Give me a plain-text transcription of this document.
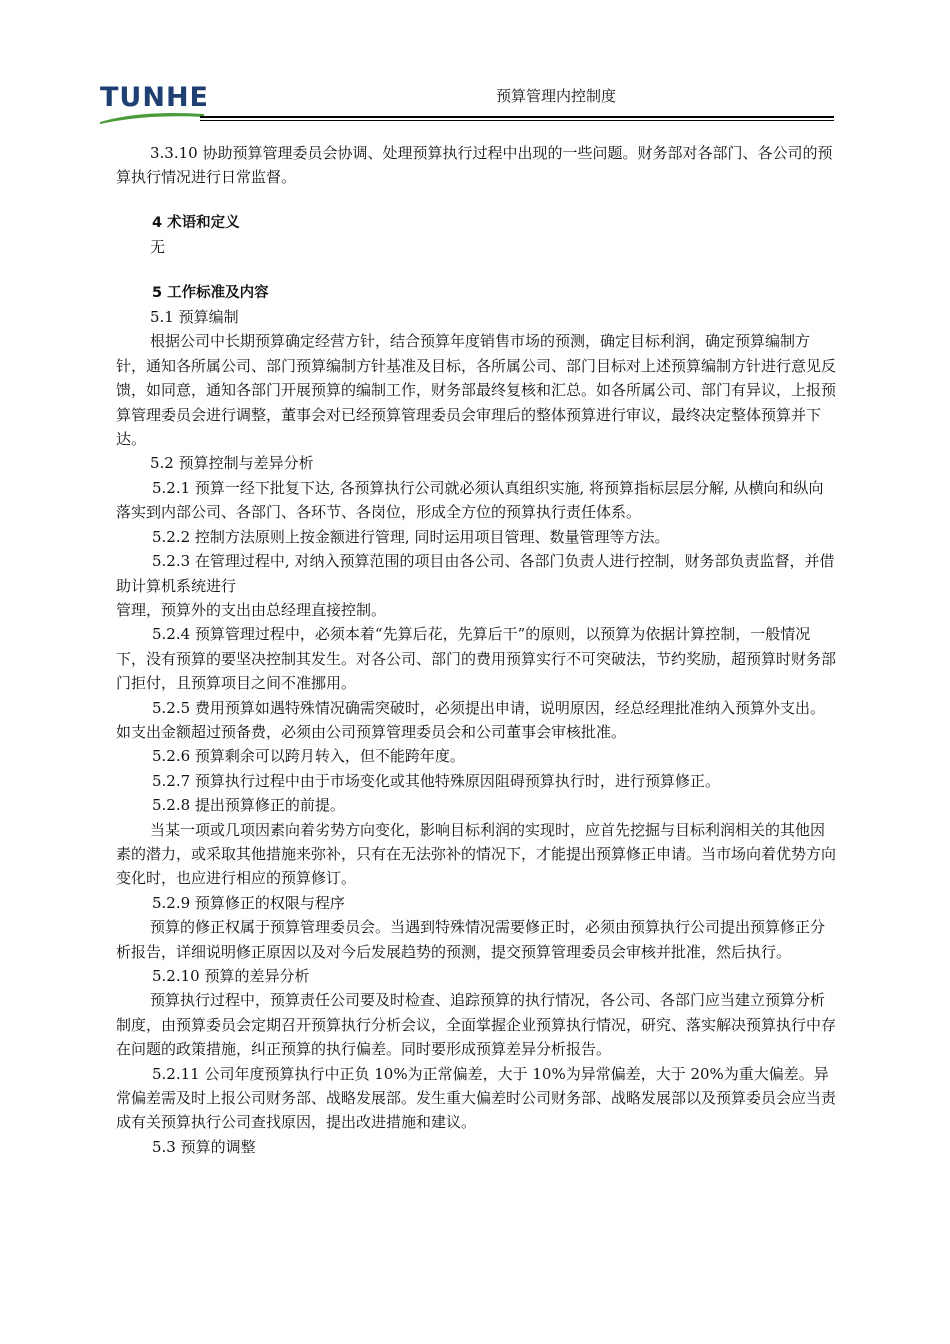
TUNHE	预算管理内控制度

3.3.10 协助预算管理委员会协调、处理预算执行过程中出现的一些问题。财务部对各部门、各公司的预算执行情况进行日常监督。

4 术语和定义

无

5 工作标准及内容

5.1 预算编制

根据公司中长期预算确定经营方针，结合预算年度销售市场的预测，确定目标利润，确定预算编制方针，通知各所属公司、部门预算编制方针基准及目标，各所属公司、部门目标对上述预算编制方针进行意见反馈，如同意，通知各部门开展预算的编制工作，财务部最终复核和汇总。如各所属公司、部门有异议，上报预算管理委员会进行调整，董事会对已经预算管理委员会审理后的整体预算进行审议，最终决定整体预算并下达。

5.2 预算控制与差异分析

5.2.1 预算一经下批复下达, 各预算执行公司就必须认真组织实施, 将预算指标层层分解, 从横向和纵向落实到内部公司、各部门、各环节、各岗位，形成全方位的预算执行责任体系。

5.2.2 控制方法原则上按金额进行管理, 同时运用项目管理、数量管理等方法。

5.2.3 在管理过程中, 对纳入预算范围的项目由各公司、各部门负责人进行控制，财务部负责监督，并借助计算机系统进行

管理，预算外的支出由总经理直接控制。

5.2.4 预算管理过程中，必须本着“先算后花，先算后干”的原则，以预算为依据计算控制，一般情况下，没有预算的要坚决控制其发生。对各公司、部门的费用预算实行不可突破法，节约奖励，超预算时财务部门拒付，且预算项目之间不准挪用。

5.2.5 费用预算如遇特殊情况确需突破时，必须提出申请，说明原因，经总经理批准纳入预算外支出。如支出金额超过预备费，必须由公司预算管理委员会和公司董事会审核批准。

5.2.6 预算剩余可以跨月转入，但不能跨年度。

5.2.7 预算执行过程中由于市场变化或其他特殊原因阻碍预算执行时，进行预算修正。

5.2.8 提出预算修正的前提。

当某一项或几项因素向着劣势方向变化，影响目标利润的实现时，应首先挖掘与目标利润相关的其他因素的潜力，或采取其他措施来弥补，只有在无法弥补的情况下，才能提出预算修正申请。当市场向着优势方向变化时，也应进行相应的预算修订。

5.2.9 预算修正的权限与程序

预算的修正权属于预算管理委员会。当遇到特殊情况需要修正时，必须由预算执行公司提出预算修正分析报告，详细说明修正原因以及对今后发展趋势的预测，提交预算管理委员会审核并批准，然后执行。

5.2.10 预算的差异分析

预算执行过程中，预算责任公司要及时检查、追踪预算的执行情况，各公司、各部门应当建立预算分析制度，由预算委员会定期召开预算执行分析会议，全面掌握企业预算执行情况，研究、落实解决预算执行中存在问题的政策措施，纠正预算的执行偏差。同时要形成预算差异分析报告。

5.2.11 公司年度预算执行中正负 10%为正常偏差，大于 10%为异常偏差，大于 20%为重大偏差。异常偏差需及时上报公司财务部、战略发展部。发生重大偏差时公司财务部、战略发展部以及预算委员会应当责成有关预算执行公司查找原因，提出改进措施和建议。

5.3 预算的调整
